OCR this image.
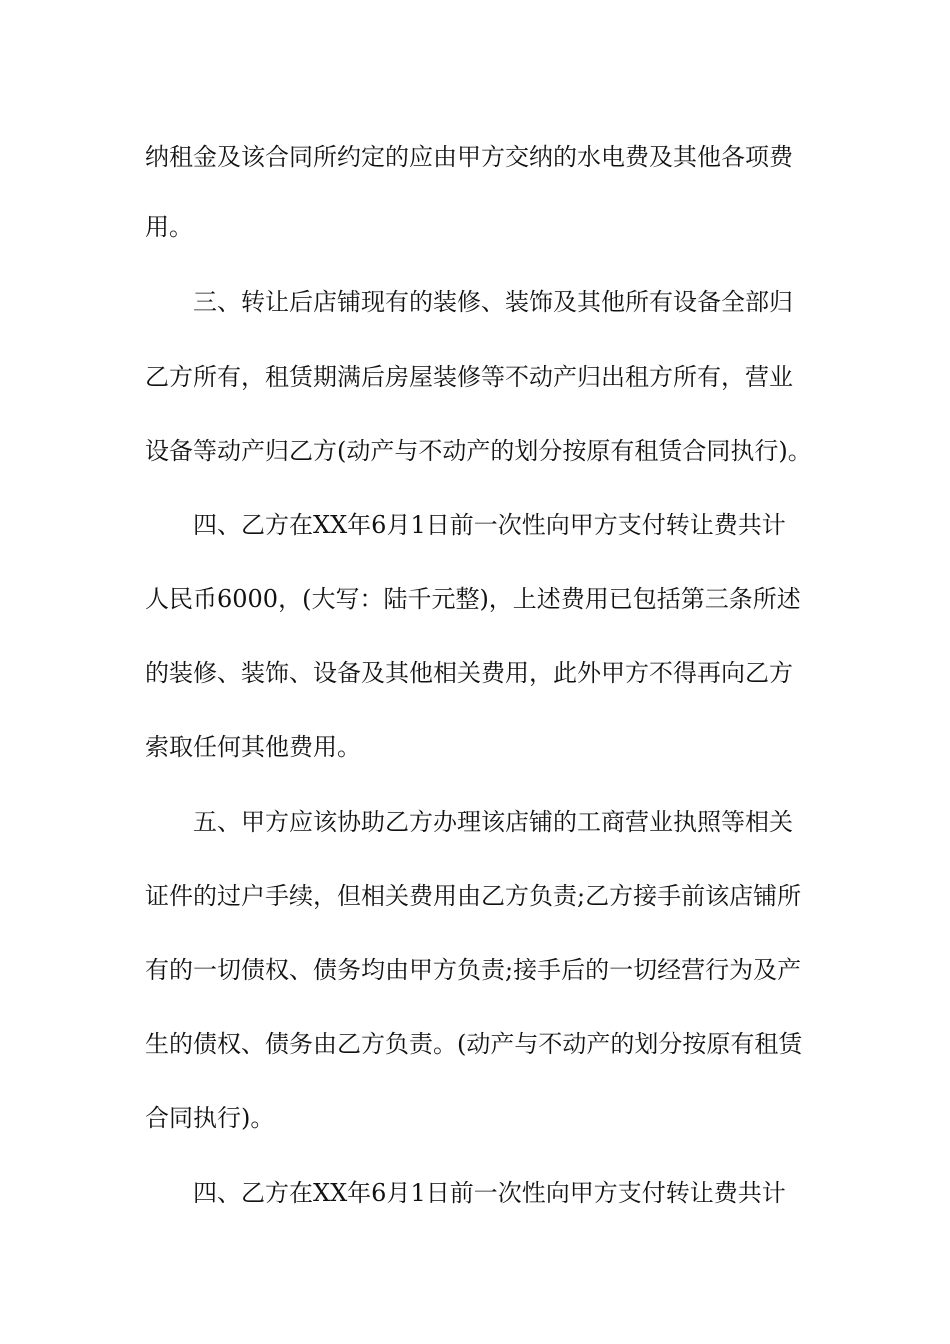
纳租金及该合同所约定的应由甲方交纳的水电费及其他各项费
用。
三、转让后店铺现有的装修、装饰及其他所有设备全部归
乙方所有，租赁期满后房屋装修等不动产归出租方所有，营业
设备等动产归乙方(动产与不动产的划分按原有租赁合同执行)。
四、乙方在XX年6月1日前一次性向甲方支付转让费共计
人民币6000，(大写：陆千元整)，上述费用已包括第三条所述
的装修、装饰、设备及其他相关费用，此外甲方不得再向乙方
索取任何其他费用。
五、甲方应该协助乙方办理该店铺的工商营业执照等相关
证件的过户手续，但相关费用由乙方负责;乙方接手前该店铺所
有的一切债权、债务均由甲方负责;接手后的一切经营行为及产
生的债权、债务由乙方负责。(动产与不动产的划分按原有租赁
合同执行)。
四、乙方在XX年6月1日前一次性向甲方支付转让费共计
